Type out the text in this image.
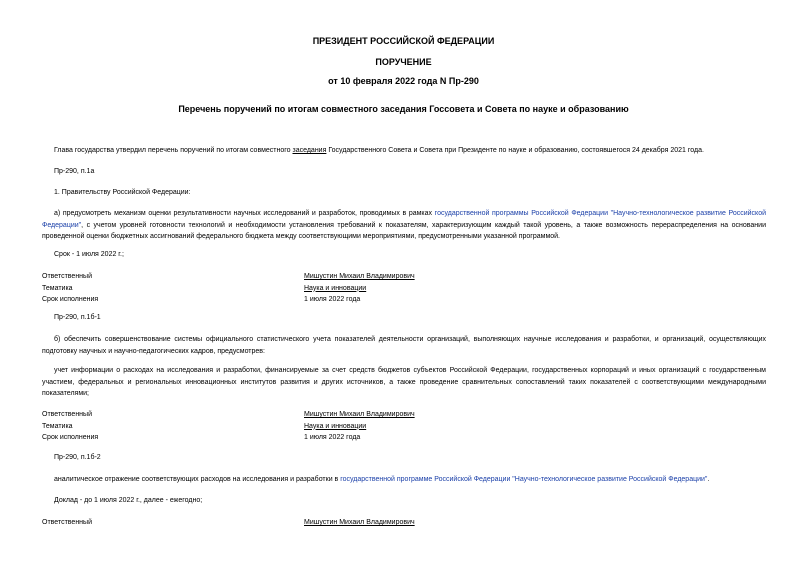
ПРЕЗИДЕНТ РОССИЙСКОЙ ФЕДЕРАЦИИ
ПОРУЧЕНИЕ
от 10 февраля 2022 года N Пр-290
Перечень поручений по итогам совместного заседания Госсовета и Совета по науке и образованию

Глава государства утвердил перечень поручений по итогам совместного заседания Государственного Совета и Совета при Президенте по науке и образованию, состоявшегося 24 декабря 2021 года.

Пр-290, п.1а

1. Правительству Российской Федерации:

а) предусмотреть механизм оценки результативности научных исследований и разработок, проводимых в рамках государственной программы Российской Федерации "Научно-технологическое развитие Российской Федерации", с учетом уровней готовности технологий и необходимости установления требований к показателям, характеризующим каждый такой уровень, а также возможность перераспределения на основании проведенной оценки бюджетных ассигнований федерального бюджета между соответствующими мероприятиями, предусмотренными указанной программой.

Срок - 1 июля 2022 г.;

Ответственный	Мишустин Михаил Владимирович
Тематика	Наука и инновации
Срок исполнения	1 июля 2022 года

Пр-290, п.1б-1

б) обеспечить совершенствование системы официального статистического учета показателей деятельности организаций, выполняющих научные исследования и разработки, и организаций, осуществляющих подготовку научных и научно-педагогических кадров, предусмотрев:

учет информации о расходах на исследования и разработки, финансируемые за счет средств бюджетов субъектов Российской Федерации, государственных корпораций и иных организаций с государственным участием, федеральных и региональных инновационных институтов развития и других источников, а также проведение сравнительных сопоставлений таких показателей с соответствующими международными показателями;

Ответственный	Мишустин Михаил Владимирович
Тематика	Наука и инновации
Срок исполнения	1 июля 2022 года

Пр-290, п.1б-2

аналитическое отражение соответствующих расходов на исследования и разработки в государственной программе Российской Федерации "Научно-технологическое развитие Российской Федерации".

Доклад - до 1 июля 2022 г., далее - ежегодно;

Ответственный	Мишустин Михаил Владимирович
